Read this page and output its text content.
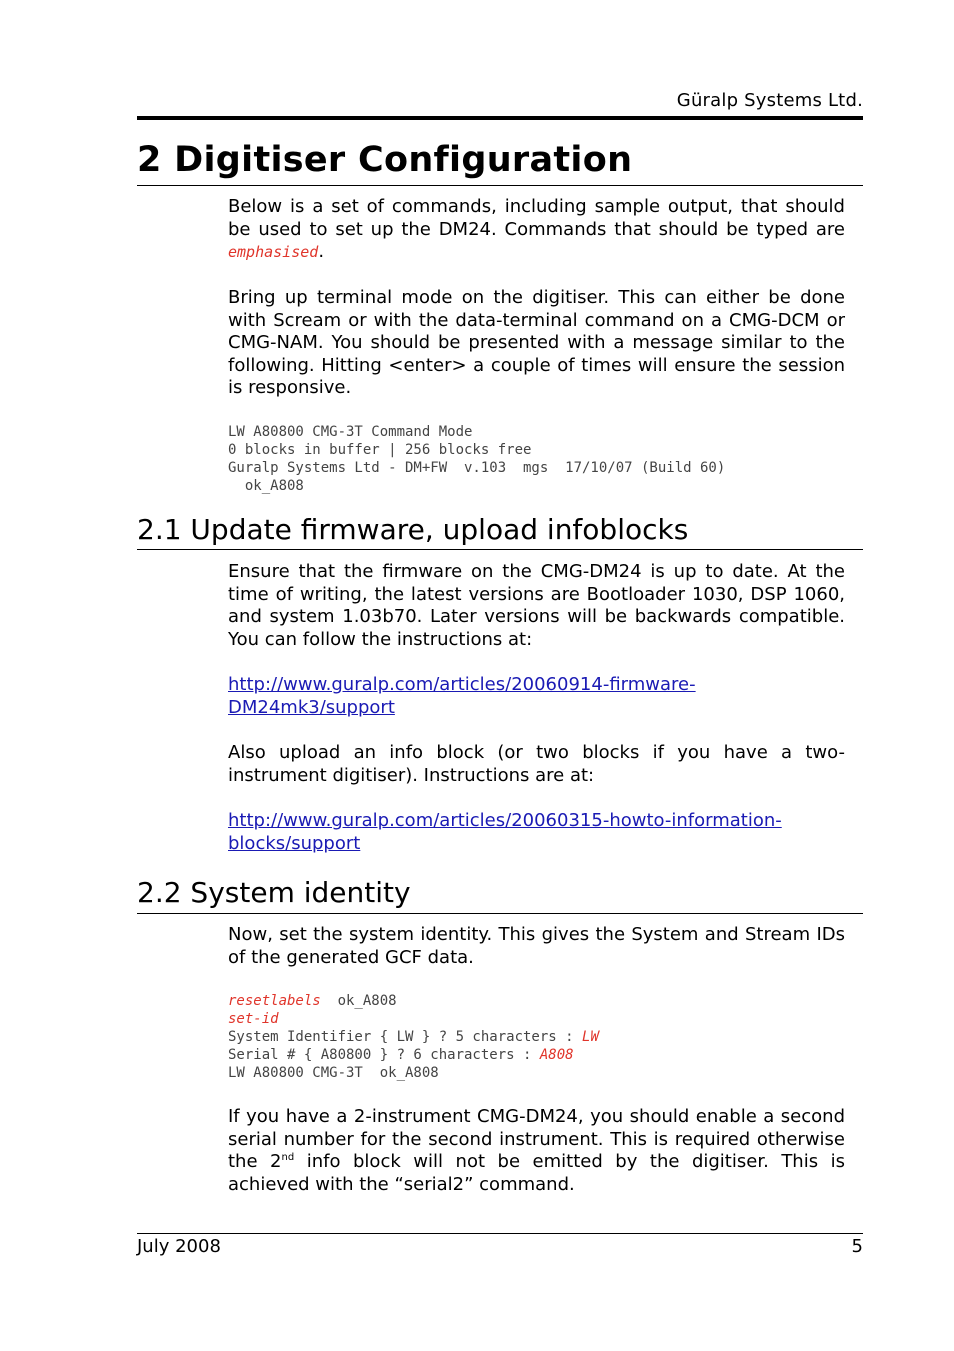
Güralp Systems Ltd.
2 Digitiser Configuration

Below is a set of commands, including sample output, that should be used to set up the DM24. Commands that should be typed are emphasised.

Bring up terminal mode on the digitiser. This can either be done with Scream or with the data-terminal command on a CMG-DCM or CMG-NAM. You should be presented with a message similar to the following. Hitting <enter> a couple of times will ensure the session is responsive.

LW A80800 CMG-3T Command Mode
0 blocks in buffer | 256 blocks free
Guralp Systems Ltd - DM+FW  v.103  mgs  17/10/07 (Build 60)
ok_A808
2.1 Update firmware, upload infoblocks

Ensure that the firmware on the CMG-DM24 is up to date. At the time of writing, the latest versions are Bootloader 1030, DSP 1060, and system 1.03b70. Later versions will be backwards compatible. You can follow the instructions at:

http://www.guralp.com/articles/20060914-firmware-
DM24mk3/support

Also upload an info block (or two blocks if you have a two-instrument digitiser). Instructions are at:

http://www.guralp.com/articles/20060315-howto-information-
blocks/support
2.2 System identity

Now, set the system identity. This gives the System and Stream IDs of the generated GCF data.

resetlabels  ok_A808
set-id
System Identifier { LW } ? 5 characters : LW
Serial # { A80800 } ? 6 characters : A808
LW A80800 CMG-3T  ok_A808

If you have a 2-instrument CMG-DM24, you should enable a second serial number for the second instrument. This is required otherwise the 2nd info block will not be emitted by the digitiser. This is achieved with the “serial2” command.

July 2008	5
